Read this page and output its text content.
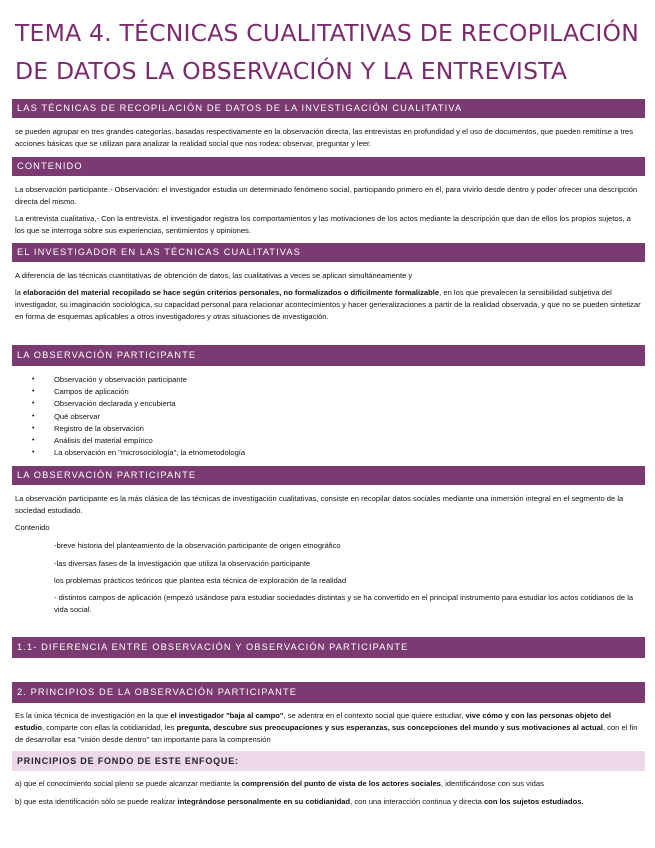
TEMA 4. TÉCNICAS CUALITATIVAS DE RECOPILACIÓN
DE DATOS LA OBSERVACIÓN Y LA ENTREVISTA
LAS TÉCNICAS DE RECOPILACIÓN DE DATOS DE LA INVESTIGACIÓN CUALITATIVA

se pueden agrupar en tres grandes categorías, basadas respectivamente en la observación directa, las entrevistas en profundidad y el uso de documentos, que pueden remitirse a tres acciones básicas que se utilizan para analizar la realidad social que nos rodea: observar, preguntar y leer.

CONTENIDO

La observación participante.- Observación: el investigador estudia un determinado fenómeno social, participando primero en él, para vivirlo desde dentro y poder ofrecer una descripción directa del mismo.

La entrevista cualitativa,- Con la entrevista. el investigador registra los comportamientos y las motivaciones de los actos mediante la descripción que dan de ellos los propios sujetos, a los que se interroga sobre sus experiencias, sentimientos y opiniones.

EL INVESTIGADOR EN LAS TÉCNICAS CUALITATIVAS

A diferencia de las técnicas cuantitativas de obtención de datos, las cualitativas a veces se aplican simultáneamente y

la elaboración del material recopilado se hace según criterios personales, no formalizados o difícilmente formalizable, en los que prevalecen la sensibilidad subjetiva del investigador, su imaginación sociológica, su capacidad personal para relacionar acontecimientos y hacer generalizaciones a partir de la realidad observada, y que no se pueden sintetizar en forma de esquemas aplicables a otros investigadores y otras situaciones de investigación.

LA OBSERVACIÓN PARTICIPANTE
•	Observación y observación participante
•	Campos de aplicación
•	Observación declarada y encubierta
•	Qué observar
•	Registro de la observación
•	Análisis del material empírico
•	La observación en "microsociología"; la etnometodología
LA OBSERVACIÓN PARTICIPANTE

La observación participante es la más clásica de las técnicas de investigación cualitativas, consiste en recopilar datos sociales mediante una inmersión integral en el segmento de la sociedad estudiado.

Contenido

-breve historia del planteamiento de la observación participante de origen etnográfico

-las diversas fases de la investigación que utiliza la observación participante

los problemas prácticos teóricos que plantea esta técnica de exploración de la realidad

- distintos campos de aplicación (empezó usándose para estudiar sociedades distintas y se ha convertido en el principal instrumento para estudiar los actos cotidianos de la vida social.

1.1- DIFERENCIA ENTRE OBSERVACIÓN Y OBSERVACIÓN PARTICIPANTE
2. PRINCIPIOS DE LA OBSERVACIÓN PARTICIPANTE

Es la única técnica de investigación en la que el investigador "baja al campo", se adentra en el contexto social que quiere estudiar, vive cómo y con las personas objeto del estudio, comparte con ellas la cotidianidad, les pregunta, descubre sus preocupaciones y sus esperanzas, sus concepciones del mundo y sus motivaciones al actual, con el fin de desarrollar esa "visión desde dentro" tan importante para la comprensión

PRINCIPIOS DE FONDO DE ESTE ENFOQUE:

a) que el conocimiento social pleno se puede alcanzar mediante la comprensión del punto de vista de los actores sociales, identificándose con sus vidas

b) que esta identificación sólo se puede realizar integrándose personalmente en su cotidianidad, con una interacción continua y directa con los sujetos estudiados.
